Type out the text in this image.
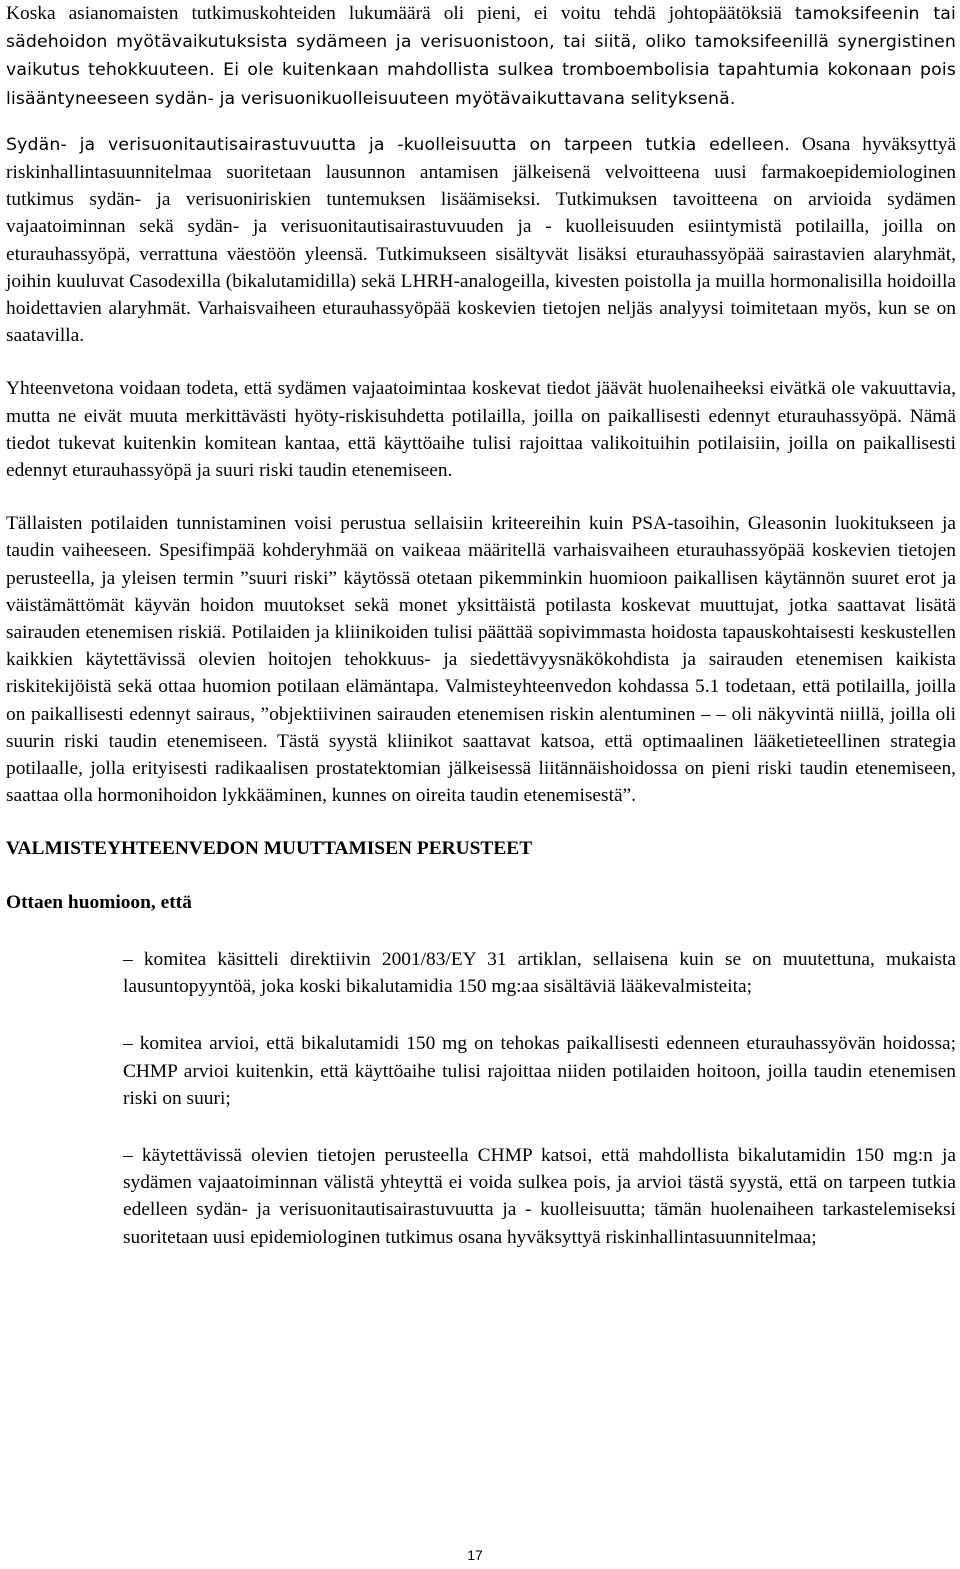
Koska asianomaisten tutkimuskohteiden lukumäärä oli pieni, ei voitu tehdä johtopäätöksiä tamoksifeenin tai sädehoidon myötävaikutuksista sydämeen ja verisuonistoon, tai siitä, oliko tamoksifeenillä synergistinen vaikutus tehokkuuteen. Ei ole kuitenkaan mahdollista sulkea tromboembolisia tapahtumia kokonaan pois lisääntyneeseen sydän- ja verisuonikuolleisuuteen myötävaikuttavana selityksenä.

Sydän- ja verisuonitautisairastuvuutta ja -kuolleisuutta on tarpeen tutkia edelleen. Osana hyväksyttyä riskinhallintasuunnitelmaa suoritetaan lausunnon antamisen jälkeisenä velvoitteena uusi farmakoepidemiologinen tutkimus sydän- ja verisuoniriskien tuntemuksen lisäämiseksi. Tutkimuksen tavoitteena on arvioida sydämen vajaatoiminnan sekä sydän- ja verisuonitautisairastuvuuden ja - kuolleisuuden esiintymistä potilailla, joilla on eturauhassyöpä, verrattuna väestöön yleensä. Tutkimukseen sisältyvät lisäksi eturauhassyöpää sairastavien alaryhmät, joihin kuuluvat Casodexilla (bikalutamidilla) sekä LHRH-analogeilla, kivesten poistolla ja muilla hormonalisilla hoidoilla hoidettavien alaryhmät. Varhaisvaiheen eturauhassyöpää koskevien tietojen neljäs analyysi toimitetaan myös, kun se on saatavilla.

Yhteenvetona voidaan todeta, että sydämen vajaatoimintaa koskevat tiedot jäävät huolenaiheeksi eivätkä ole vakuuttavia, mutta ne eivät muuta merkittävästi hyöty-riskisuhdetta potilailla, joilla on paikallisesti edennyt eturauhassyöpä. Nämä tiedot tukevat kuitenkin komitean kantaa, että käyttöaihe tulisi rajoittaa valikoituihin potilaisiin, joilla on paikallisesti edennyt eturauhassyöpä ja suuri riski taudin etenemiseen.

Tällaisten potilaiden tunnistaminen voisi perustua sellaisiin kriteereihin kuin PSA-tasoihin, Gleasonin luokitukseen ja taudin vaiheeseen. Spesifimpää kohderyhmää on vaikeaa määritellä varhaisvaiheen eturauhassyöpää koskevien tietojen perusteella, ja yleisen termin ”suuri riski” käytössä otetaan pikemminkin huomioon paikallisen käytännön suuret erot ja väistämättömät käyvän hoidon muutokset sekä monet yksittäistä potilasta koskevat muuttujat, jotka saattavat lisätä sairauden etenemisen riskiä. Potilaiden ja kliinikoiden tulisi päättää sopivimmasta hoidosta tapauskohtaisesti keskustellen kaikkien käytettävissä olevien hoitojen tehokkuus- ja siedettävyysnäkökohdista ja sairauden etenemisen kaikista riskitekijöistä sekä ottaa huomion potilaan elämäntapa. Valmisteyhteenvedon kohdassa 5.1 todetaan, että potilailla, joilla on paikallisesti edennyt sairaus, ”objektiivinen sairauden etenemisen riskin alentuminen – – oli näkyvintä niillä, joilla oli suurin riski taudin etenemiseen. Tästä syystä kliinikot saattavat katsoa, että optimaalinen lääketieteellinen strategia potilaalle, jolla erityisesti radikaalisen prostatektomian jälkeisessä liitännäishoidossa on pieni riski taudin etenemiseen, saattaa olla hormonihoidon lykkääminen, kunnes on oireita taudin etenemisestä”.

VALMISTEYHTEENVEDON MUUTTAMISEN PERUSTEET

Ottaen huomioon, että

– komitea käsitteli direktiivin 2001/83/EY 31 artiklan, sellaisena kuin se on muutettuna, mukaista lausuntopyyntöä, joka koski bikalutamidia 150 mg:aa sisältäviä lääkevalmisteita;

– komitea arvioi, että bikalutamidi 150 mg on tehokas paikallisesti edenneen eturauhassyövän hoidossa; CHMP arvioi kuitenkin, että käyttöaihe tulisi rajoittaa niiden potilaiden hoitoon, joilla taudin etenemisen riski on suuri;

– käytettävissä olevien tietojen perusteella CHMP katsoi, että mahdollista bikalutamidin 150 mg:n ja sydämen vajaatoiminnan välistä yhteyttä ei voida sulkea pois, ja arvioi tästä syystä, että on tarpeen tutkia edelleen sydän- ja verisuonitautisairastuvuutta ja - kuolleisuutta; tämän huolenaiheen tarkastelemiseksi suoritetaan uusi epidemiologinen tutkimus osana hyväksyttyä riskinhallintasuunnitelmaa;

17
